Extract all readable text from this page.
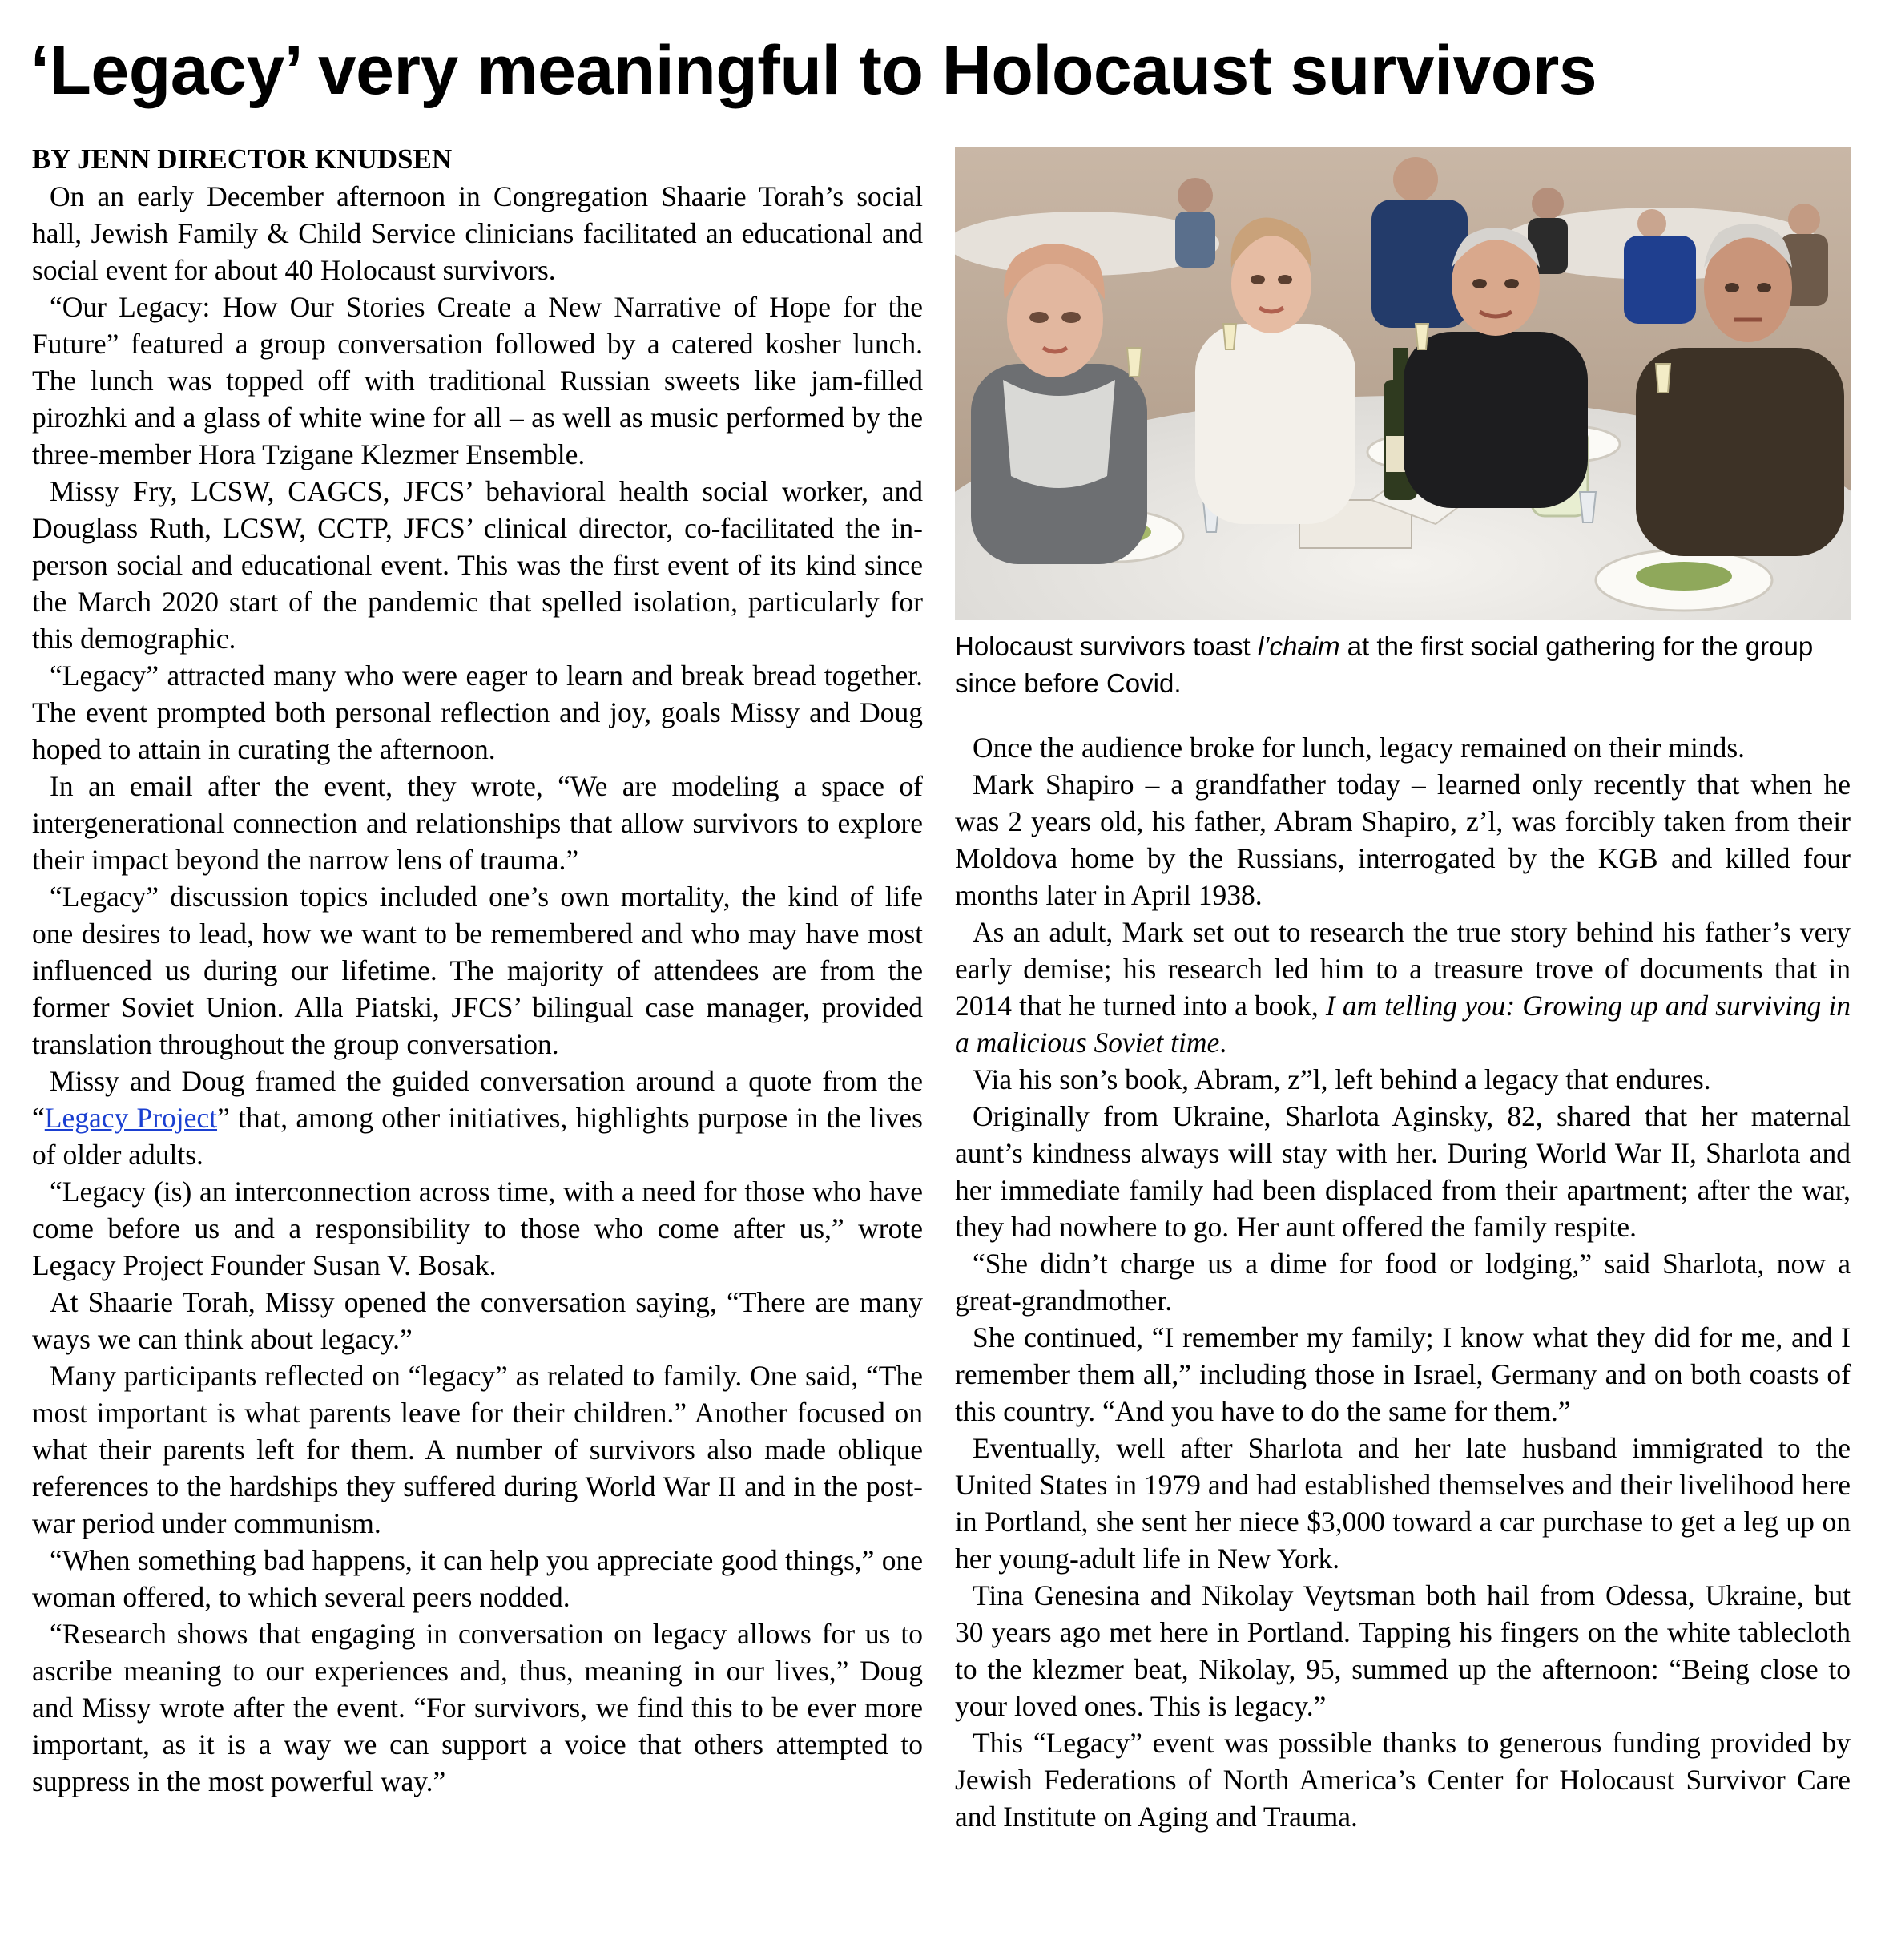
‘Legacy’ very meaningful to Holocaust survivors

BY JENN DIRECTOR KNUDSEN

On an early December afternoon in Congregation Shaarie Torah’s social hall, Jewish Family & Child Service clinicians facilitated an educational and social event for about 40 Holocaust survivors.

“Our Legacy: How Our Stories Create a New Narrative of Hope for the Future” featured a group conversation followed by a catered kosher lunch. The lunch was topped off with traditional Russian sweets like jam-filled pirozhki and a glass of white wine for all – as well as music performed by the three-member Hora Tzigane Klezmer Ensemble.

Missy Fry, LCSW, CAGCS, JFCS’ behavioral health social worker, and Douglass Ruth, LCSW, CCTP, JFCS’ clinical director, co-facilitated the in-person social and educational event. This was the first event of its kind since the March 2020 start of the pandemic that spelled isolation, particularly for this demographic.

“Legacy” attracted many who were eager to learn and break bread together. The event prompted both personal reflection and joy, goals Missy and Doug hoped to attain in curating the afternoon.

In an email after the event, they wrote, “We are modeling a space of intergenerational connection and relationships that allow survivors to explore their impact beyond the narrow lens of trauma.”

“Legacy” discussion topics included one’s own mortality, the kind of life one desires to lead, how we want to be remembered and who may have most influenced us during our lifetime. The majority of attendees are from the former Soviet Union. Alla Piatski, JFCS’ bilingual case manager, provided translation throughout the group conversation.

Missy and Doug framed the guided conversation around a quote from the “Legacy Project” that, among other initiatives, highlights purpose in the lives of older adults.

“Legacy (is) an interconnection across time, with a need for those who have come before us and a responsibility to those who come after us,” wrote Legacy Project Founder Susan V. Bosak.

At Shaarie Torah, Missy opened the conversation saying, “There are many ways we can think about legacy.”

Many participants reflected on “legacy” as related to family. One said, “The most important is what parents leave for their children.” Another focused on what their parents left for them. A number of survivors also made oblique references to the hardships they suffered during World War II and in the post-war period under communism.

“When something bad happens, it can help you appreciate good things,” one woman offered, to which several peers nodded.

“Research shows that engaging in conversation on legacy allows for us to ascribe meaning to our experiences and, thus, meaning in our lives,” Doug and Missy wrote after the event. “For survivors, we find this to be ever more important, as it is a way we can support a voice that others attempted to suppress in the most powerful way.”

Holocaust survivors toast l’chaim at the first social gathering for the group since before Covid.

Once the audience broke for lunch, legacy remained on their minds.

Mark Shapiro – a grandfather today – learned only recently that when he was 2 years old, his father, Abram Shapiro, z’l, was forcibly taken from their Moldova home by the Russians, interrogated by the KGB and killed four months later in April 1938.

As an adult, Mark set out to research the true story behind his father’s very early demise; his research led him to a treasure trove of documents that in 2014 that he turned into a book, I am telling you: Growing up and surviving in a malicious Soviet time.

Via his son’s book, Abram, z”l, left behind a legacy that endures.

Originally from Ukraine, Sharlota Aginsky, 82, shared that her maternal aunt’s kindness always will stay with her. During World War II, Sharlota and her immediate family had been displaced from their apartment; after the war, they had nowhere to go. Her aunt offered the family respite.

“She didn’t charge us a dime for food or lodging,” said Sharlota, now a great-grandmother.

She continued, “I remember my family; I know what they did for me, and I remember them all,” including those in Israel, Germany and on both coasts of this country. “And you have to do the same for them.”

Eventually, well after Sharlota and her late husband immigrated to the United States in 1979 and had established themselves and their livelihood here in Portland, she sent her niece $3,000 toward a car purchase to get a leg up on her young-adult life in New York.

Tina Genesina and Nikolay Veytsman both hail from Odessa, Ukraine, but 30 years ago met here in Portland. Tapping his fingers on the white tablecloth to the klezmer beat, Nikolay, 95, summed up the afternoon: “Being close to your loved ones. This is legacy.”

This “Legacy” event was possible thanks to generous funding provided by Jewish Federations of North America’s Center for Holocaust Survivor Care and Institute on Aging and Trauma.
